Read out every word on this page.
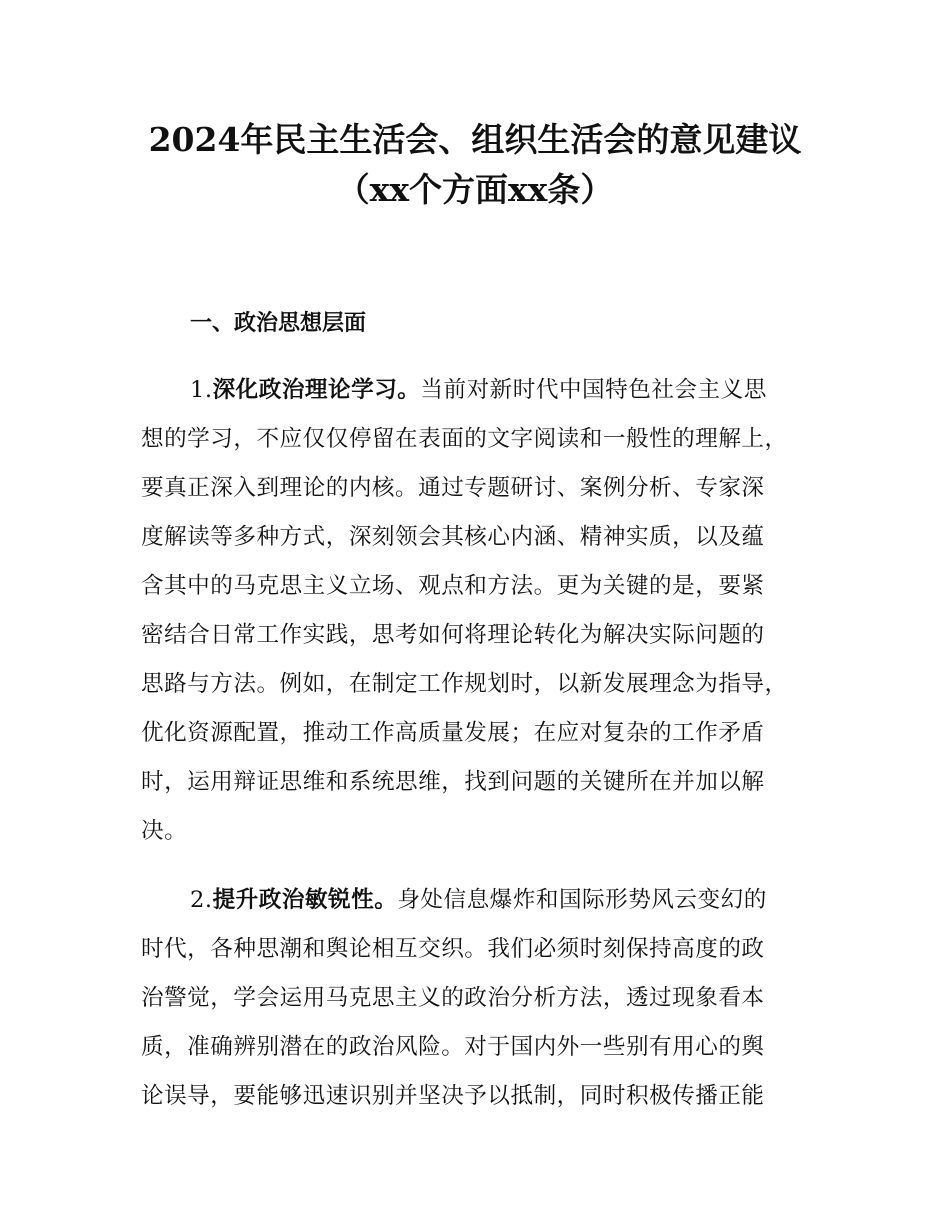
2024年民主生活会、组织生活会的意见建议
（xx个方面xx条）
一、政治思想层面
1.深化政治理论学习。当前对新时代中国特色社会主义思
想的学习，不应仅仅停留在表面的文字阅读和一般性的理解上，
要真正深入到理论的内核。通过专题研讨、案例分析、专家深
度解读等多种方式，深刻领会其核心内涵、精神实质，以及蕴
含其中的马克思主义立场、观点和方法。更为关键的是，要紧
密结合日常工作实践，思考如何将理论转化为解决实际问题的
思路与方法。例如，在制定工作规划时，以新发展理念为指导，
优化资源配置，推动工作高质量发展；在应对复杂的工作矛盾
时，运用辩证思维和系统思维，找到问题的关键所在并加以解
决。
2.提升政治敏锐性。身处信息爆炸和国际形势风云变幻的
时代，各种思潮和舆论相互交织。我们必须时刻保持高度的政
治警觉，学会运用马克思主义的政治分析方法，透过现象看本
质，准确辨别潜在的政治风险。对于国内外一些别有用心的舆
论误导，要能够迅速识别并坚决予以抵制，同时积极传播正能
